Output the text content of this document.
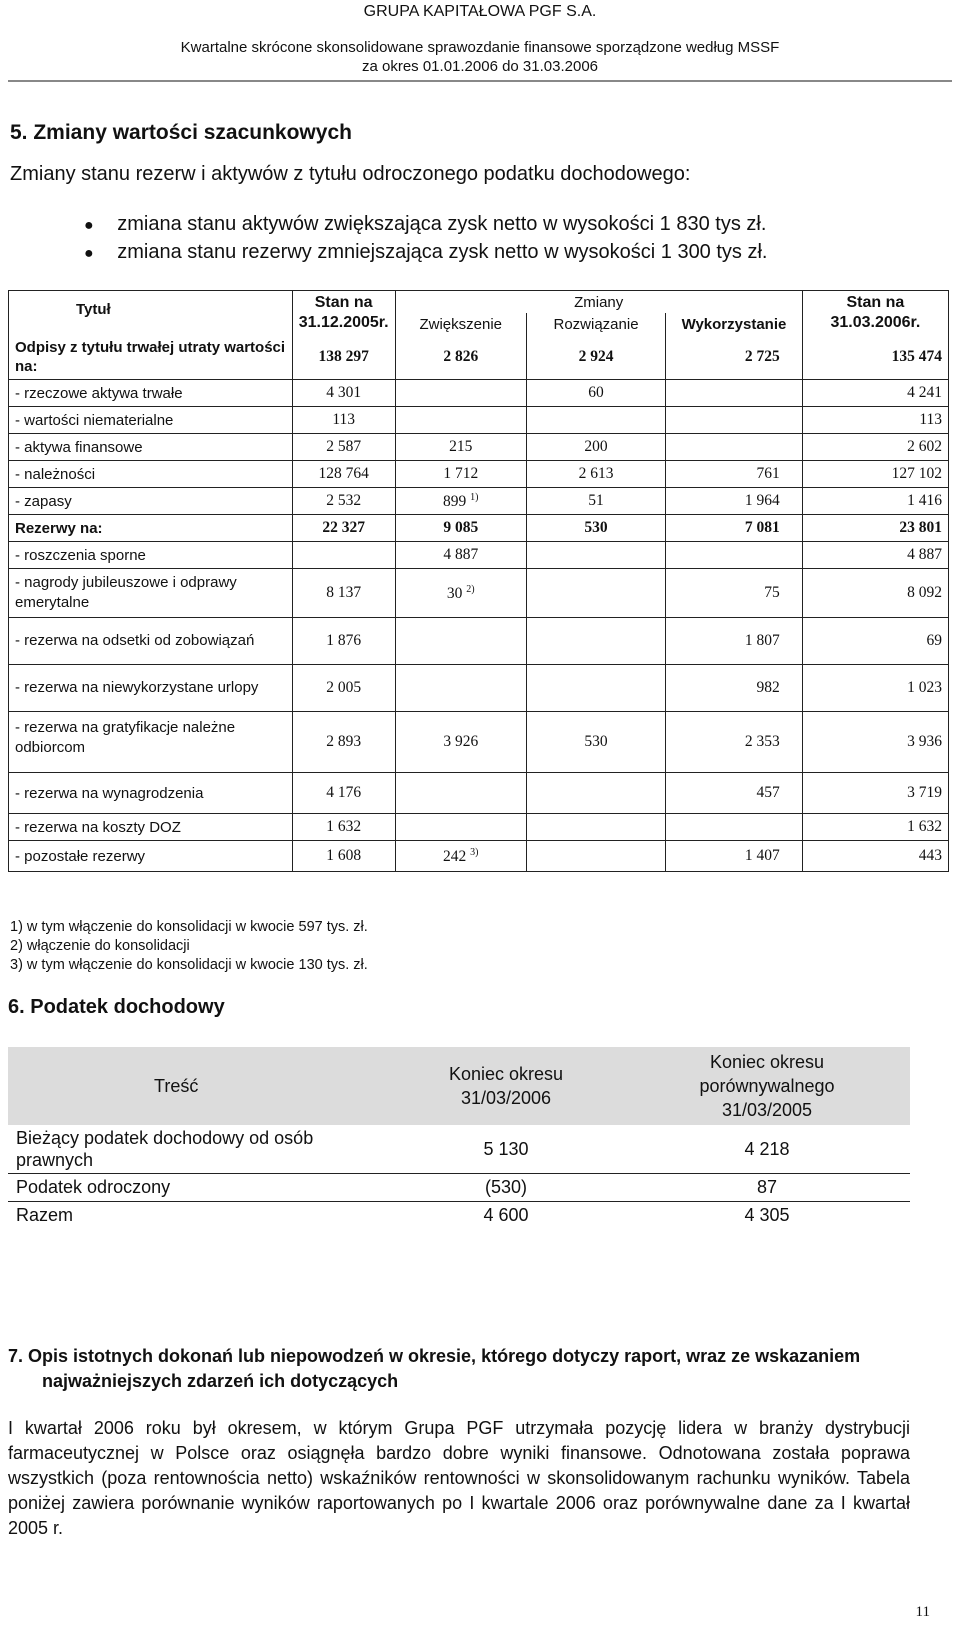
GRUPA KAPITAŁOWA PGF S.A.
Kwartalne skrócone skonsolidowane sprawozdanie finansowe sporządzone według MSSF
za okres 01.01.2006 do 31.03.2006
5. Zmiany wartości szacunkowych
Zmiany stanu rezerw i aktywów z tytułu odroczonego podatku dochodowego:
● zmiana stanu aktywów zwiększająca zysk netto w wysokości 1 830 tys zł.
● zmiana stanu rezerwy zmniejszająca zysk netto w wysokości 1 300 tys zł.
Tytuł	Stan na 31.12.2005r.	Zmiany			Stan na 31.03.2006r.
		Zwiększenie	Rozwiązanie	Wykorzystanie	
Odpisy z tytułu trwałej utraty wartości na:	138 297	2 826	2 924	2 725	135 474
- rzeczowe aktywa trwałe	4 301		60		4 241
- wartości niematerialne	113				113
- aktywa finansowe	2 587	215	200		2 602
- należności	128 764	1 712	2 613	761	127 102
- zapasy	2 532	899 $^{1)}$	51	1 964	1 416
Rezerwy na:	22 327	9 085	530	7 081	23 801
- roszczenia sporne		4 887			4 887
- nagrody jubileuszowe i odprawy emerytalne	8 137	30 $^{2)}$		75	8 092
- rezerwa na odsetki od zobowiązań	1 876			1 807	69
- rezerwa na niewykorzystane urlopy	2 005			982	1 023
- rezerwa na gratyfikacje należne odbiorcom	2 893	3 926	530	2 353	3 936
- rezerwa na wynagrodzenia	4 176			457	3 719
- rezerwa na koszty DOZ	1 632				1 632
- pozostałe rezerwy	1 608	242 $^{3)}$		1 407	443
1) w tym włączenie do konsolidacji w kwocie 597 tys. zł.
2) włączenie do konsolidacji
3) w tym włączenie do konsolidacji w kwocie 130 tys. zł.
6. Podatek dochodowy
Treść	Koniec okresu 31/03/2006	Koniec okresu porównywalnego 31/03/2005
Bieżący podatek dochodowy od osób prawnych	5 130	4 218
Podatek odroczony	(530)	87
Razem	4 600	4 305
7. Opis istotnych dokonań lub niepowodzeń w okresie, którego dotyczy raport, wraz ze wskazaniem najważniejszych zdarzeń ich dotyczących
I kwartał 2006 roku był okresem, w którym Grupa PGF utrzymała pozycję lidera w branży dystrybucji farmaceutycznej w Polsce oraz osiągnęła bardzo dobre wyniki finansowe. Odnotowana została poprawa wszystkich (poza rentownościa netto) wskaźników rentowności w skonsolidowanym rachunku wyników. Tabela poniżej zawiera porównanie wyników raportowanych po I kwartale 2006 oraz porównywalne dane za I kwartał 2005 r.
11
